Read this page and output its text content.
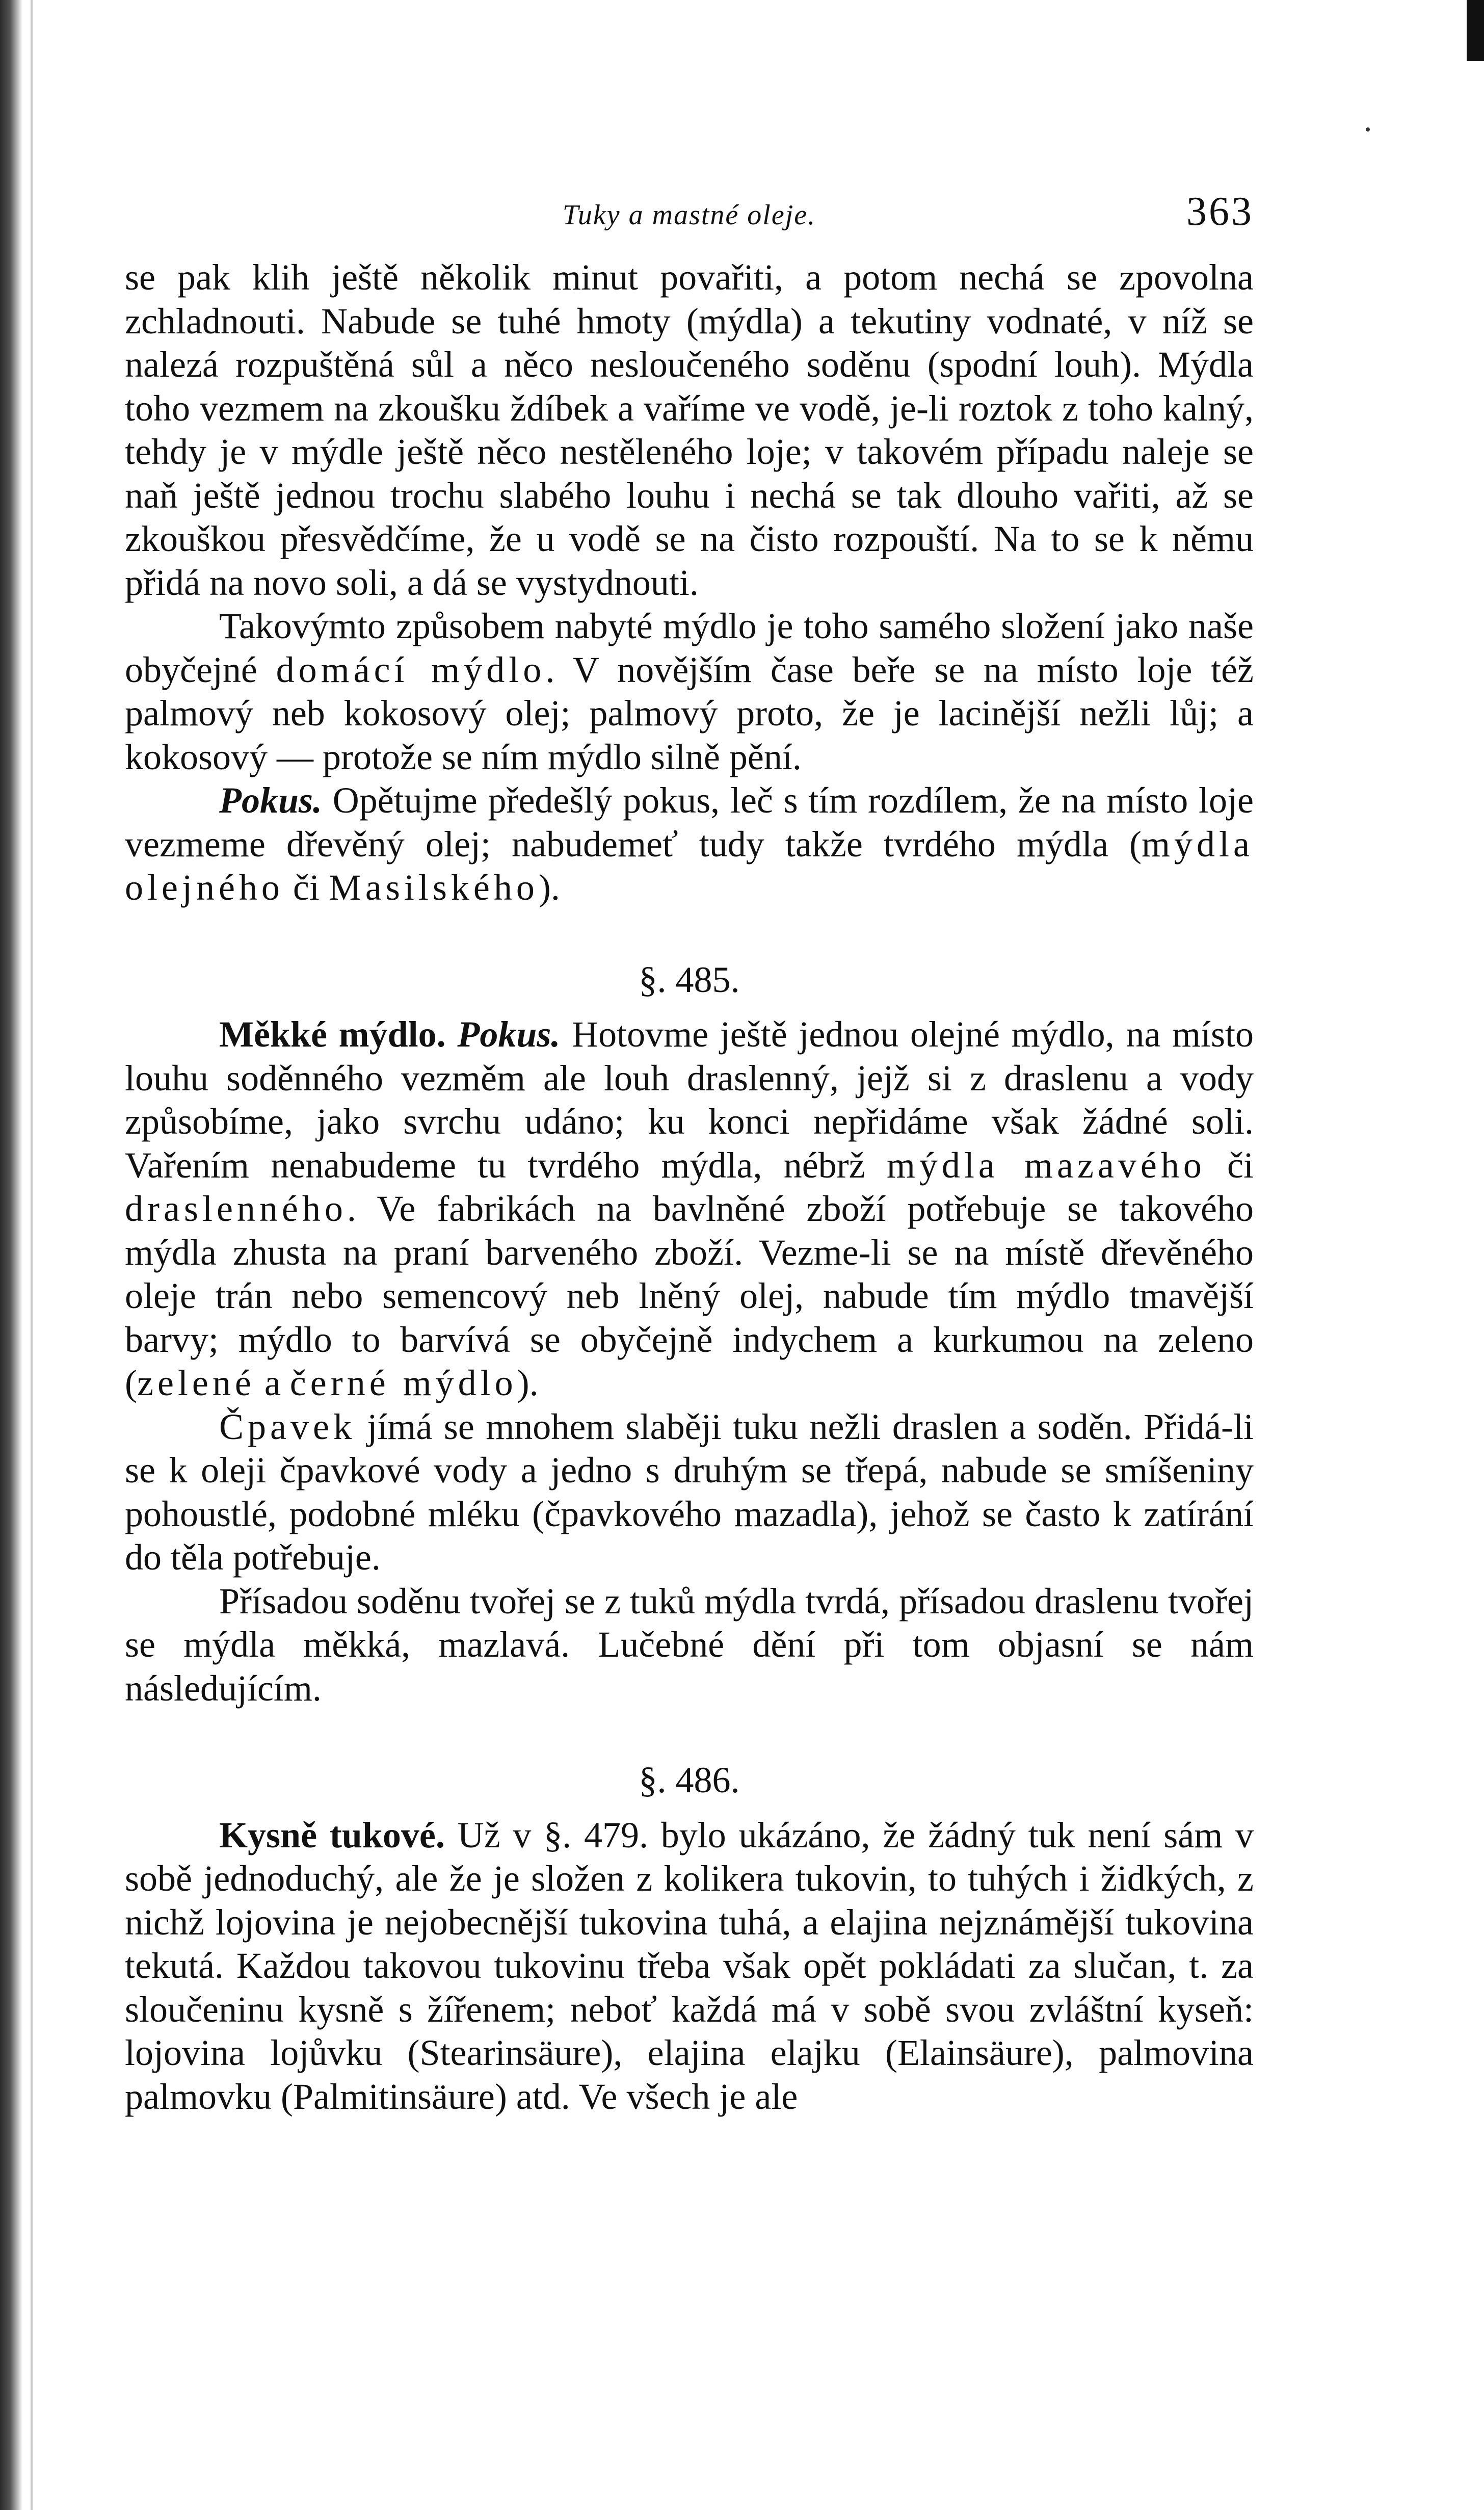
Tuky a mastné oleje.	363

se pak klih ještě několik minut povařiti, a potom nechá se zpovolna zchladnouti. Nabude se tuhé hmoty (mýdla) a tekutiny vodnaté, v níž se nalezá rozpuštěná sůl a něco nesloučeného soděnu (spodní louh). Mýdla toho vezmem na zkoušku ždíbek a vaříme ve vodě, je-li roztok z toho kalný, tehdy je v mýdle ještě něco nestěleného loje; v takovém případu naleje se naň ještě jednou trochu slabého louhu i nechá se tak dlouho vařiti, až se zkouškou přesvědčíme, že u vodě se na čisto rozpouští. Na to se k němu přidá na novo soli, a dá se vystydnouti.

Takovýmto způsobem nabyté mýdlo je toho samého složení jako naše obyčejné domácí mýdlo. V novějším čase beře se na místo loje též palmový neb kokosový olej; palmový proto, že je lacinější nežli lůj; a kokosový — protože se ním mýdlo silně pění.

Pokus. Opětujme předešlý pokus, leč s tím rozdílem, že na místo loje vezmeme dřevěný olej; nabudemeť tudy takže tvrdého mýdla (mýdla olejného či Masilského).

§. 485.

Měkké mýdlo. Pokus. Hotovme ještě jednou olejné mýdlo, na místo louhu soděnného vezměm ale louh draslenný, jejž si z draslenu a vody způsobíme, jako svrchu udáno; ku konci nepřidáme však žádné soli. Vařením nenabudeme tu tvrdého mýdla, nébrž mýdla mazavého či draslenného. Ve fabrikách na bavlněné zboží potřebuje se takového mýdla zhusta na praní barveného zboží. Vezme-li se na místě dřevěného oleje trán nebo semencový neb lněný olej, nabude tím mýdlo tmavější barvy; mýdlo to barvívá se obyčejně indychem a kurkumou na zeleno (zelené a černé mýdlo).

Čpavek jímá se mnohem slaběji tuku nežli draslen a soděn. Přidá-li se k oleji čpavkové vody a jedno s druhým se třepá, nabude se smíšeniny pohoustlé, podobné mléku (čpavkového mazadla), jehož se často k zatírání do těla potřebuje.

Přísadou soděnu tvořej se z tuků mýdla tvrdá, přísadou draslenu tvořej se mýdla měkká, mazlavá. Lučebné dění při tom objasní se nám následujícím.

§. 486.

Kysně tukové. Už v §. 479. bylo ukázáno, že žádný tuk není sám v sobě jednoduchý, ale že je složen z kolikera tukovin, to tuhých i židkých, z nichž lojovina je nejobecnější tukovina tuhá, a elajina nejznámější tukovina tekutá. Každou takovou tukovinu třeba však opět pokládati za slučan, t. za sloučeninu kysně s žířenem; neboť každá má v sobě svou zvláštní kyseň: lojovina lojůvku (Stearinsäure), elajina elajku (Elainsäure), palmovina palmovku (Palmitinsäure) atd. Ve všech je ale
